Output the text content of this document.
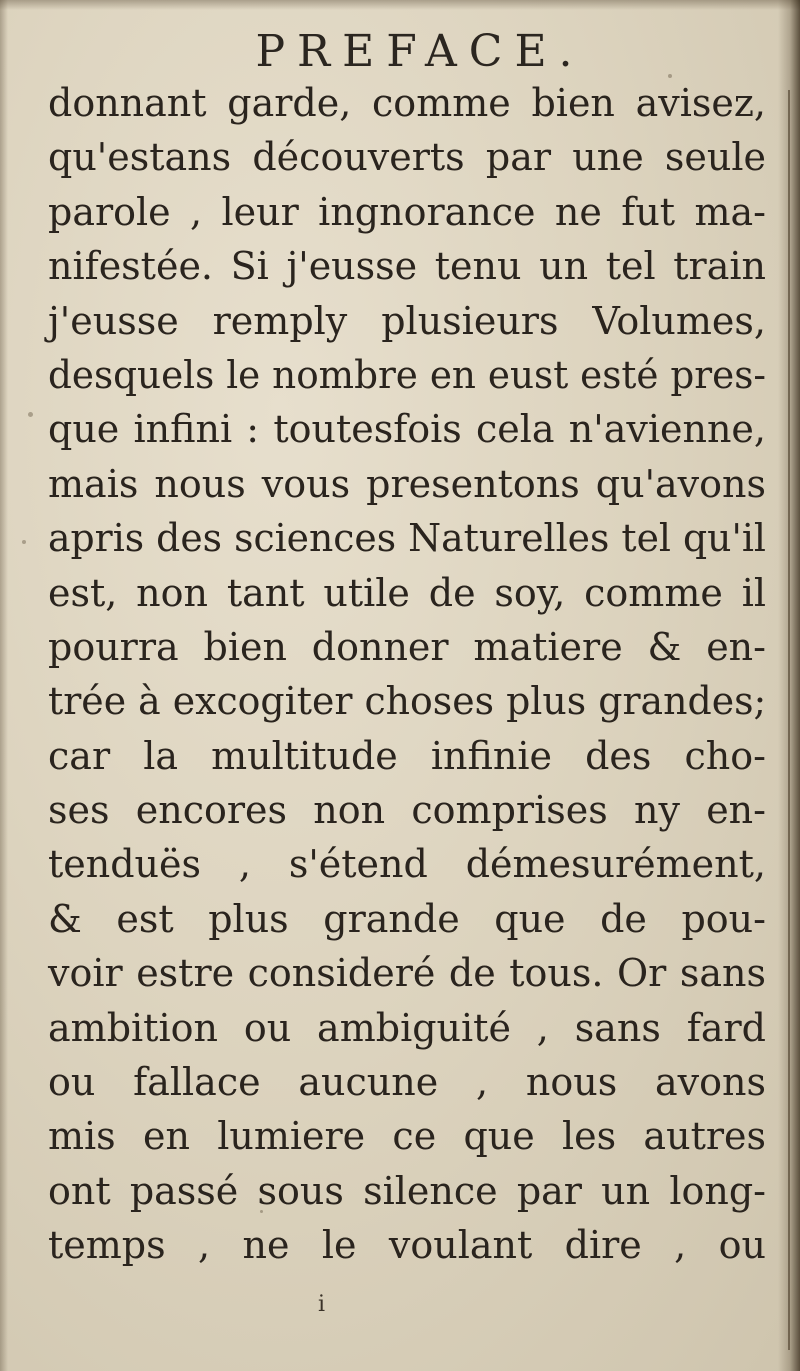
PREFACE.
donnant garde, comme bien avisez,
qu'estans découverts par une seule
parole , leur ingnorance ne fut ma-
nifestée. Si j'eusse tenu un tel train
j'eusse remply plusieurs Volumes,
desquels le nombre en eust esté pres-
que infini : toutesfois cela n'avienne,
mais nous vous presentons qu'avons
apris des sciences Naturelles tel qu'il
est, non tant utile de soy, comme il
pourra bien donner matiere & en-
trée à excogiter choses plus grandes;
car la multitude infinie des cho-
ses encores non comprises ny en-
tenduës , s'étend démesurément,
& est plus grande que de pou-
voir estre consideré de tous. Or sans
ambition ou ambiguité , sans fard
ou fallace aucune , nous avons
mis en lumiere ce que les autres
ont passé sous silence par un long-
temps , ne le voulant dire , ou
i
